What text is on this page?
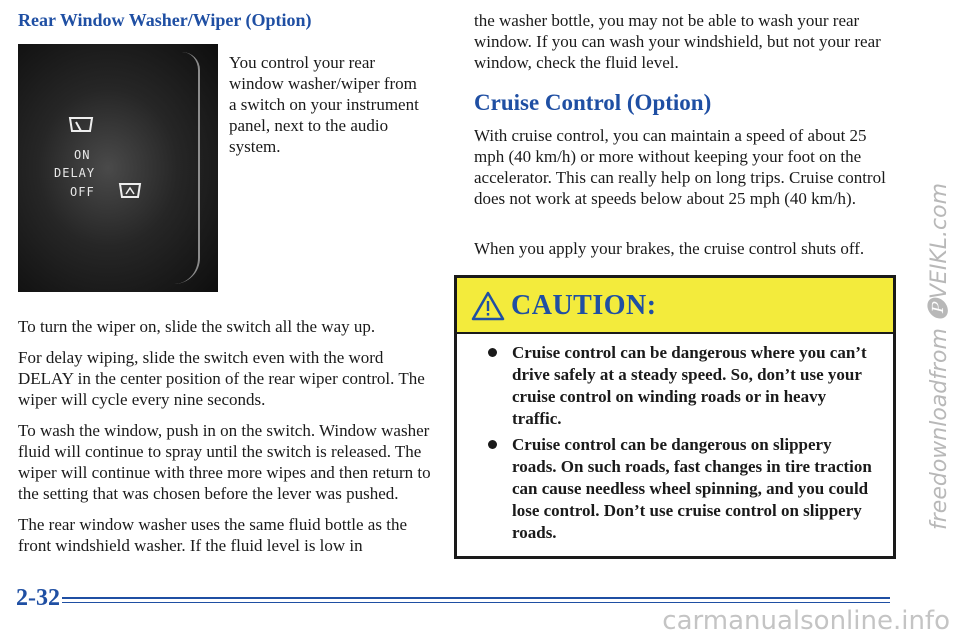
Rear Window Washer/Wiper (Option)
ON
DELAY
OFF

You control your rear window washer/wiper from a switch on your instrument panel, next to the audio system.

To turn the wiper on, slide the switch all the way up.

For delay wiping, slide the switch even with the word DELAY in the center position of the rear wiper control. The wiper will cycle every nine seconds.

To wash the window, push in on the switch. Window washer fluid will continue to spray until the switch is released. The wiper will continue with three more wipes and then return to the setting that was chosen before the lever was pushed.

The rear window washer uses the same fluid bottle as the front windshield washer. If the fluid level is low in

the washer bottle, you may not be able to wash your rear window. If you can wash your windshield, but not your rear window, check the fluid level.

Cruise Control (Option)

With cruise control, you can maintain a speed of about 25 mph (40 km/h) or more without keeping your foot on the accelerator. This can really help on long trips. Cruise control does not work at speeds below about 25 mph (40 km/h).

When you apply your brakes, the cruise control shuts off.

CAUTION:
Cruise control can be dangerous where you can’t drive safely at a steady speed. So, don’t use your cruise control on winding roads or in heavy traffic.
Cruise control can be dangerous on slippery roads. On such roads, fast changes in tire traction can cause needless wheel spinning, and you could lose control. Don’t use cruise control on slippery roads.

2-32

freedownloadfrom 🅟VEIKL.com

carmanualsonline.info
